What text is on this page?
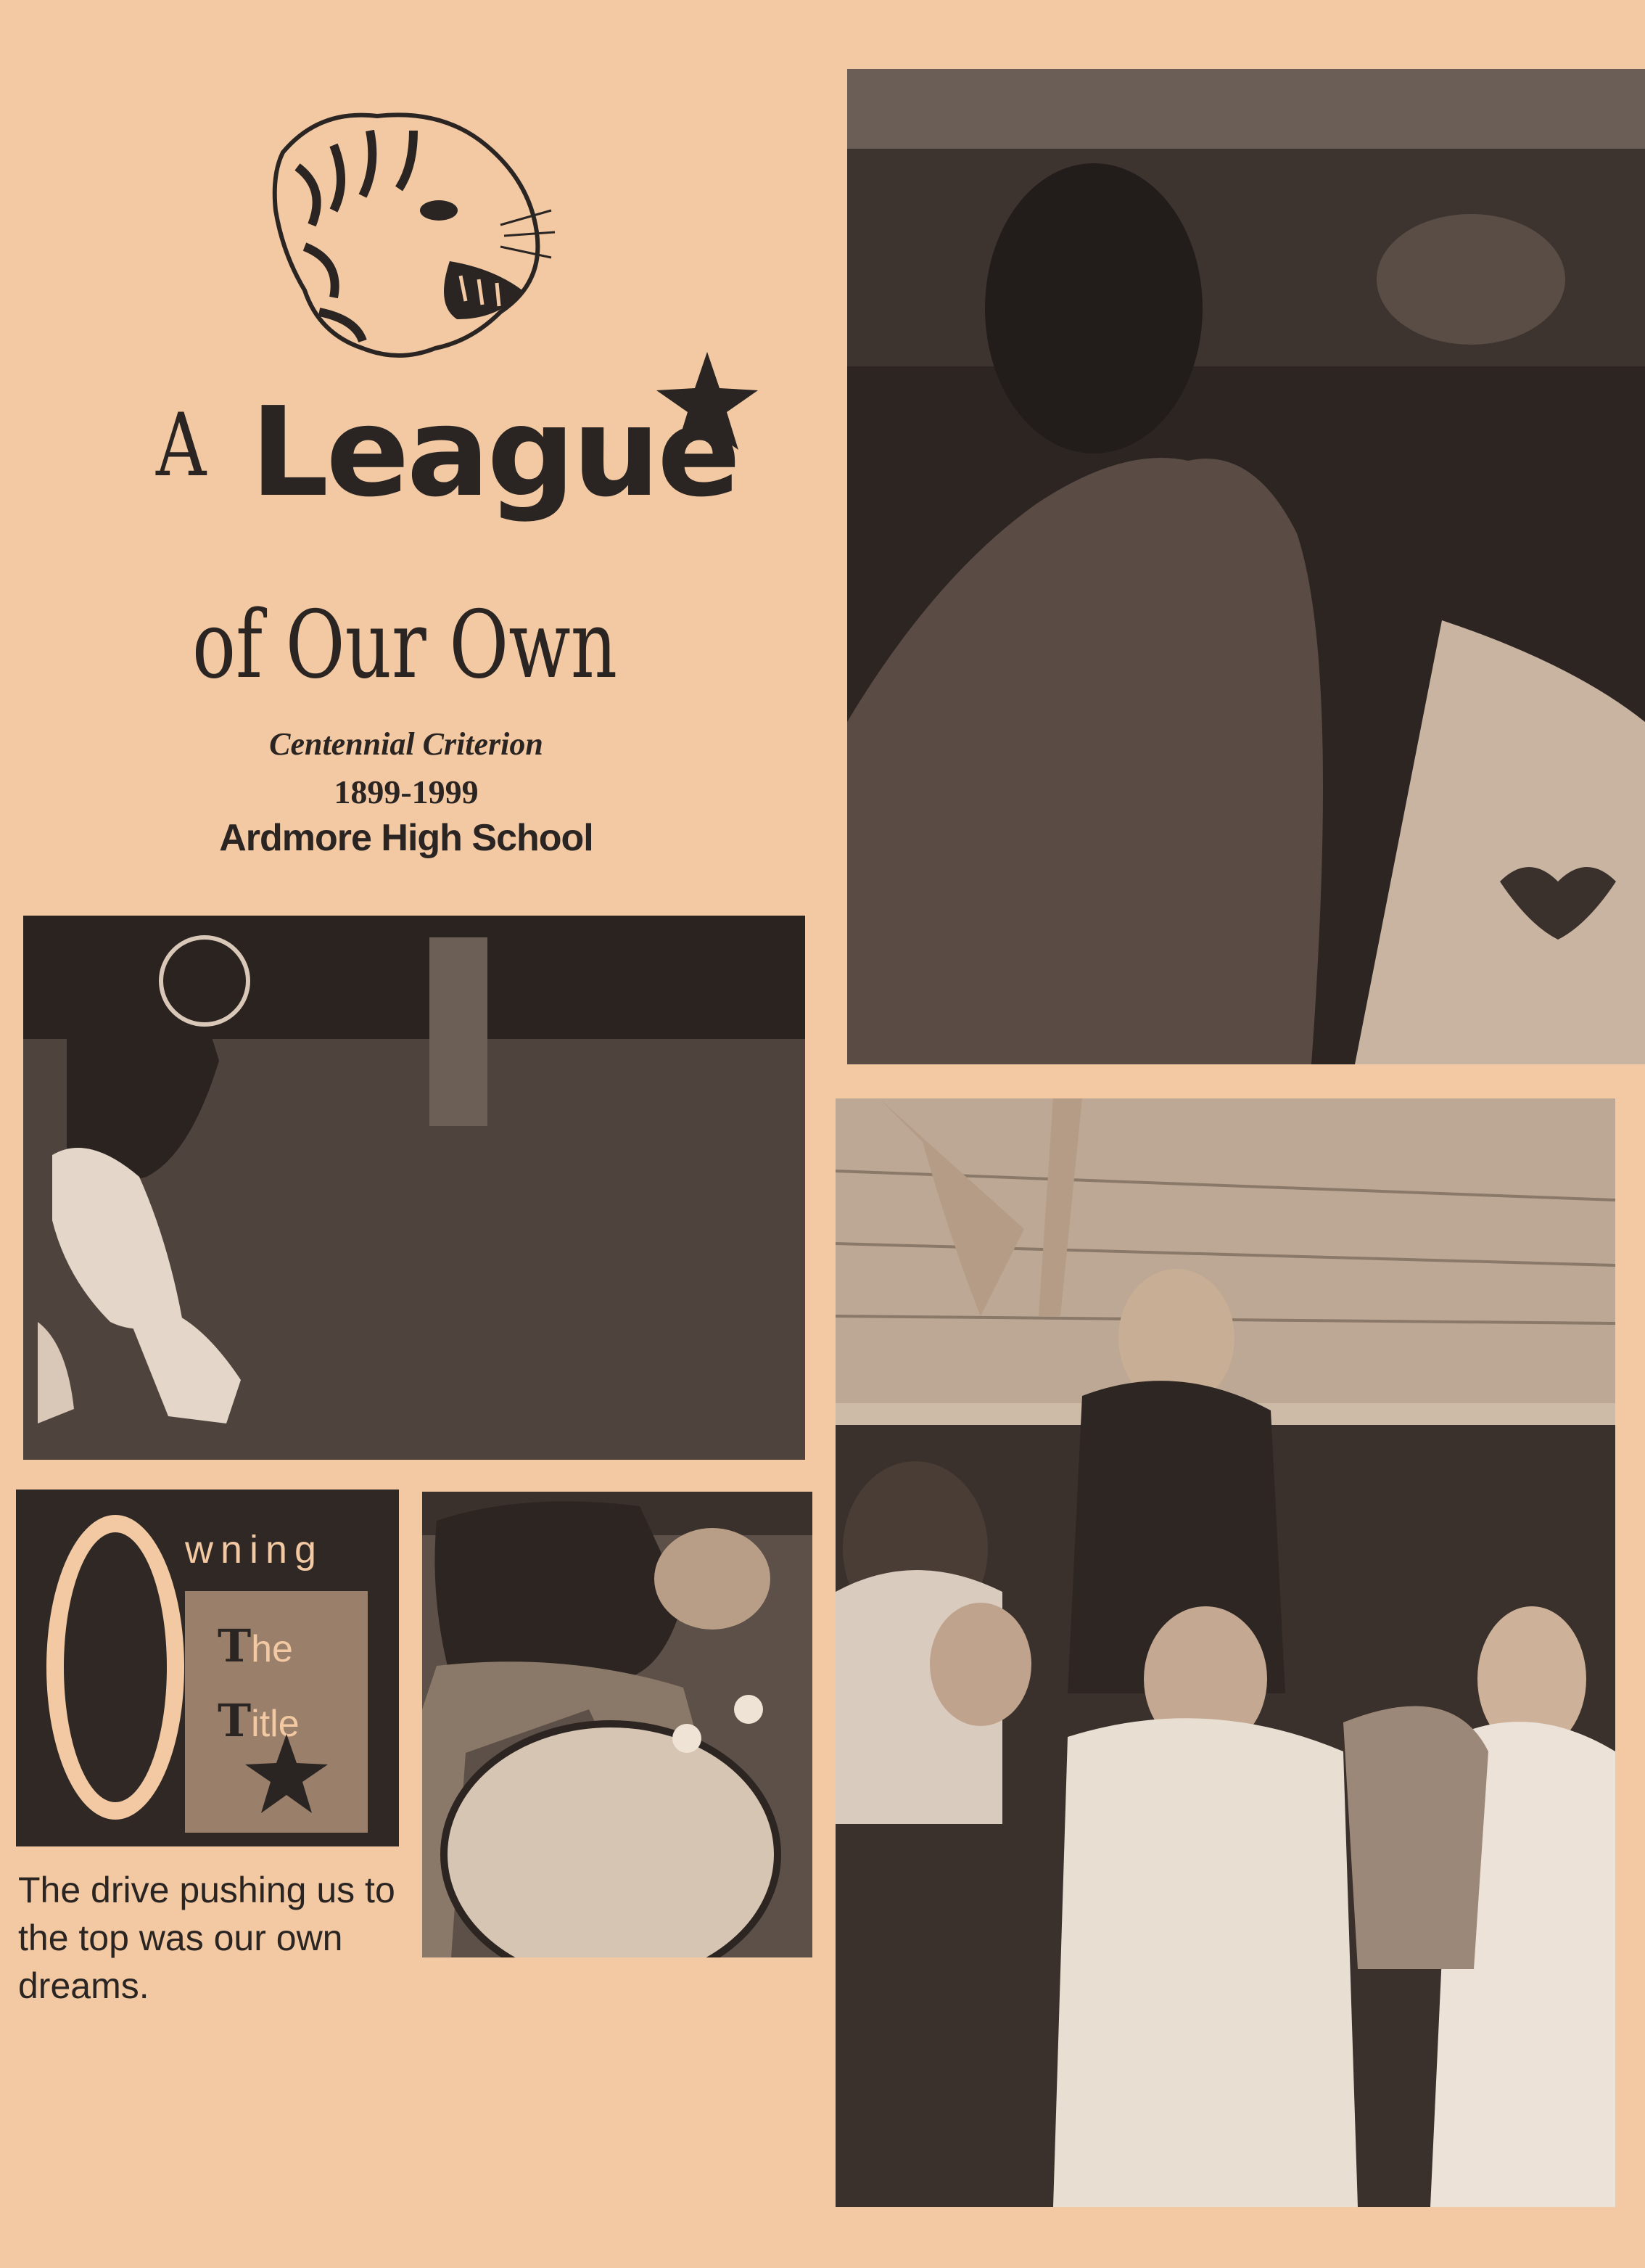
A League
of Our Own
Centennial Criterion
1899-1999
Ardmore High School
wning
The
Title
The drive pushing us to the top was our own dreams.
